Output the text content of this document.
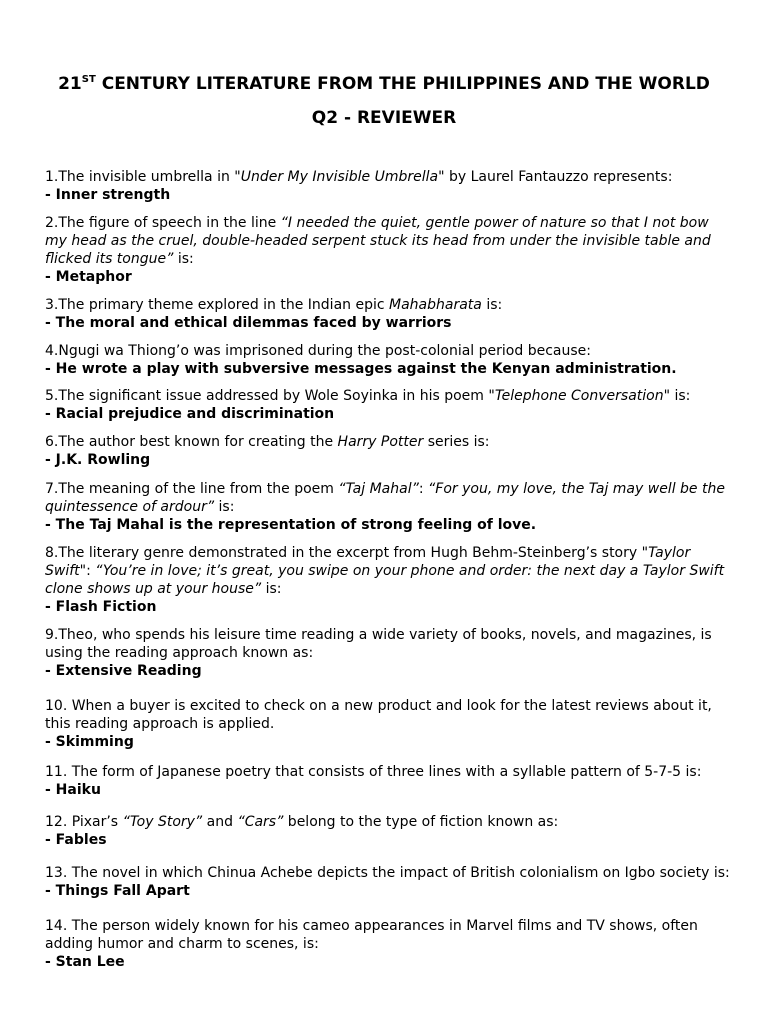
21ST CENTURY LITERATURE FROM THE PHILIPPINES AND THE WORLD
Q2 - REVIEWER

1.The invisible umbrella in "Under My Invisible Umbrella" by Laurel Fantauzzo represents:

- Inner strength

2.The figure of speech in the line “I needed the quiet, gentle power of nature so that I not bow my head as the cruel, double-headed serpent stuck its head from under the invisible table and flicked its tongue” is:

- Metaphor

3.The primary theme explored in the Indian epic Mahabharata is:

- The moral and ethical dilemmas faced by warriors

4.Ngugi wa Thiong’o was imprisoned during the post-colonial period because:

- He wrote a play with subversive messages against the Kenyan administration.

5.The significant issue addressed by Wole Soyinka in his poem "Telephone Conversation" is:

- Racial prejudice and discrimination

6.The author best known for creating the Harry Potter series is:

- J.K. Rowling

7.The meaning of the line from the poem “Taj Mahal”: “For you, my love, the Taj may well be the quintessence of ardour” is:

- The Taj Mahal is the representation of strong feeling of love.

8.The literary genre demonstrated in the excerpt from Hugh Behm-Steinberg’s story "Taylor Swift": “You’re in love; it’s great, you swipe on your phone and order: the next day a Taylor Swift clone shows up at your house” is:

- Flash Fiction

9.Theo, who spends his leisure time reading a wide variety of books, novels, and magazines, is using the reading approach known as:

- Extensive Reading

10. When a buyer is excited to check on a new product and look for the latest reviews about it, this reading approach is applied.

- Skimming

11. The form of Japanese poetry that consists of three lines with a syllable pattern of 5-7-5 is:

- Haiku

12. Pixar’s “Toy Story” and “Cars” belong to the type of fiction known as:

- Fables

13. The novel in which Chinua Achebe depicts the impact of British colonialism on Igbo society is:

- Things Fall Apart

14. The person widely known for his cameo appearances in Marvel films and TV shows, often adding humor and charm to scenes, is:

- Stan Lee
